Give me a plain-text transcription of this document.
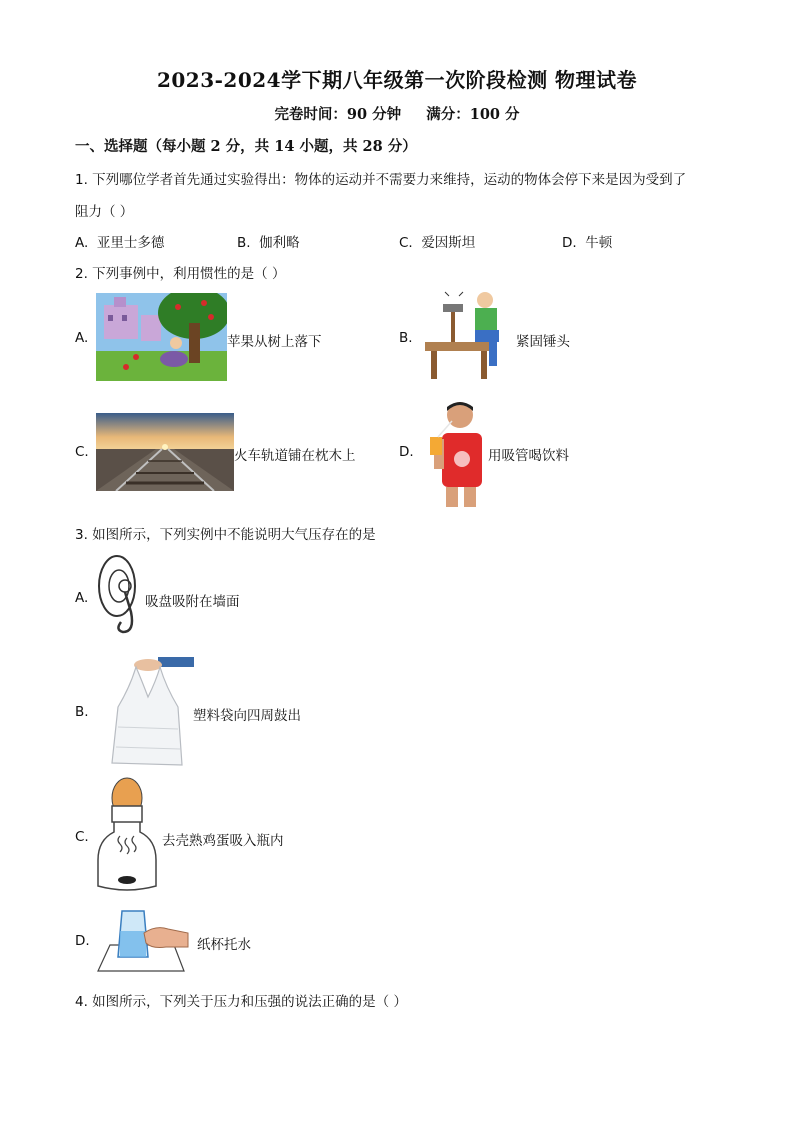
2023-2024学下期八年级第一次阶段检测 物理试卷
完卷时间：90 分钟 满分：100 分
一、选择题（每小题 2 分，共 14 小题，共 28 分）
1. 下列哪位学者首先通过实验得出：物体的运动并不需要力来维持，运动的物体会停下来是因为受到了
阻力（ ）
A. 亚里士多德	B. 伽利略	C. 爱因斯坦	D. 牛顿
2. 下列事例中，利用惯性的是（ ）
A.	苹果从树上落下	B.	紧固锤头
C.	火车轨道铺在枕木上	D.	用吸管喝饮料
3. 如图所示，下列实例中不能说明大气压存在的是
A.	吸盘吸附在墙面
B.	塑料袋向四周鼓出
C.	去壳熟鸡蛋吸入瓶内
D.	纸杯托水
4. 如图所示，下列关于压力和压强的说法正确的是（ ）
